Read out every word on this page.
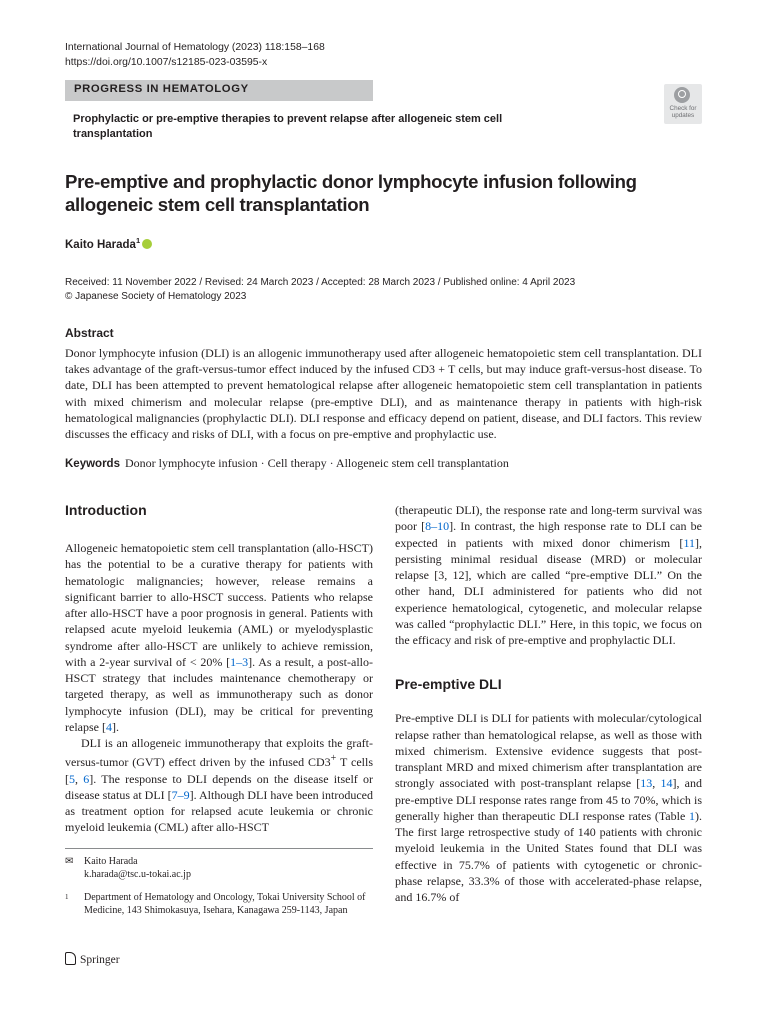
International Journal of Hematology (2023) 118:158–168
https://doi.org/10.1007/s12185-023-03595-x
PROGRESS IN HEMATOLOGY
Prophylactic or pre-emptive therapies to prevent relapse after allogeneic stem cell transplantation
Check for updates
Pre-emptive and prophylactic donor lymphocyte infusion following allogeneic stem cell transplantation
Kaito Harada$^1$
Received: 11 November 2022 / Revised: 24 March 2023 / Accepted: 28 March 2023 / Published online: 4 April 2023
© Japanese Society of Hematology 2023
Abstract

Donor lymphocyte infusion (DLI) is an allogenic immunotherapy used after allogeneic hematopoietic stem cell transplantation. DLI takes advantage of the graft-versus-tumor effect induced by the infused CD3 + T cells, but may induce graft-versus-host disease. To date, DLI has been attempted to prevent hematological relapse after allogeneic hematopoietic stem cell transplantation in patients with mixed chimerism and molecular relapse (pre-emptive DLI), and as maintenance therapy in patients with high-risk hematological malignancies (prophylactic DLI). DLI response and efficacy depend on patient, disease, and DLI factors. This review discusses the efficacy and risks of DLI, with a focus on pre-emptive and prophylactic use.

Keywords Donor lymphocyte infusion · Cell therapy · Allogeneic stem cell transplantation
Introduction

Allogeneic hematopoietic stem cell transplantation (allo-HSCT) has the potential to be a curative therapy for patients with hematologic malignancies; however, release remains a significant barrier to allo-HSCT success. Patients who relapse after allo-HSCT have a poor prognosis in general. Patients with relapsed acute myeloid leukemia (AML) or myelodysplastic syndrome after allo-HSCT are unlikely to achieve remission, with a 2-year survival of < 20% [1–3]. As a result, a post-allo-HSCT strategy that includes maintenance chemotherapy or targeted therapy, as well as immunotherapy such as donor lymphocyte infusion (DLI), may be critical for preventing relapse [4].

DLI is an allogeneic immunotherapy that exploits the graft-versus-tumor (GVT) effect driven by the infused CD3+ T cells [5, 6]. The response to DLI depends on the disease itself or disease status at DLI [7–9]. Although DLI have been introduced as treatment option for relapsed acute leukemia or chronic myeloid leukemia (CML) after allo-HSCT

(therapeutic DLI), the response rate and long-term survival was poor [8–10]. In contrast, the high response rate to DLI can be expected in patients with mixed donor chimerism [11], persisting minimal residual disease (MRD) or molecular relapse [3, 12], which are called “pre-emptive DLI.” On the other hand, DLI administered for patients who did not experience hematological, cytogenetic, and molecular relapse was called “prophylactic DLI.” Here, in this topic, we focus on the efficacy and risk of pre-emptive and prophylactic DLI.

Pre-emptive DLI

Pre-emptive DLI is DLI for patients with molecular/cytological relapse rather than hematological relapse, as well as those with mixed chimerism. Extensive evidence suggests that post-transplant MRD and mixed chimerism after transplantation are strongly associated with post-transplant relapse [13, 14], and pre-emptive DLI response rates range from 45 to 70%, which is generally higher than therapeutic DLI response rates (Table 1). The first large retrospective study of 140 patients with chronic myeloid leukemia in the United States found that DLI was effective in 75.7% of patients with cytogenetic or chronic-phase relapse, 33.3% of those with accelerated-phase relapse, and 16.7% of

✉ Kaito Harada
k.harada@tsc.u-tokai.ac.jp
1 Department of Hematology and Oncology, Tokai University School of Medicine, 143 Shimokasuya, Isehara, Kanagawa 259-1143, Japan
Springer
